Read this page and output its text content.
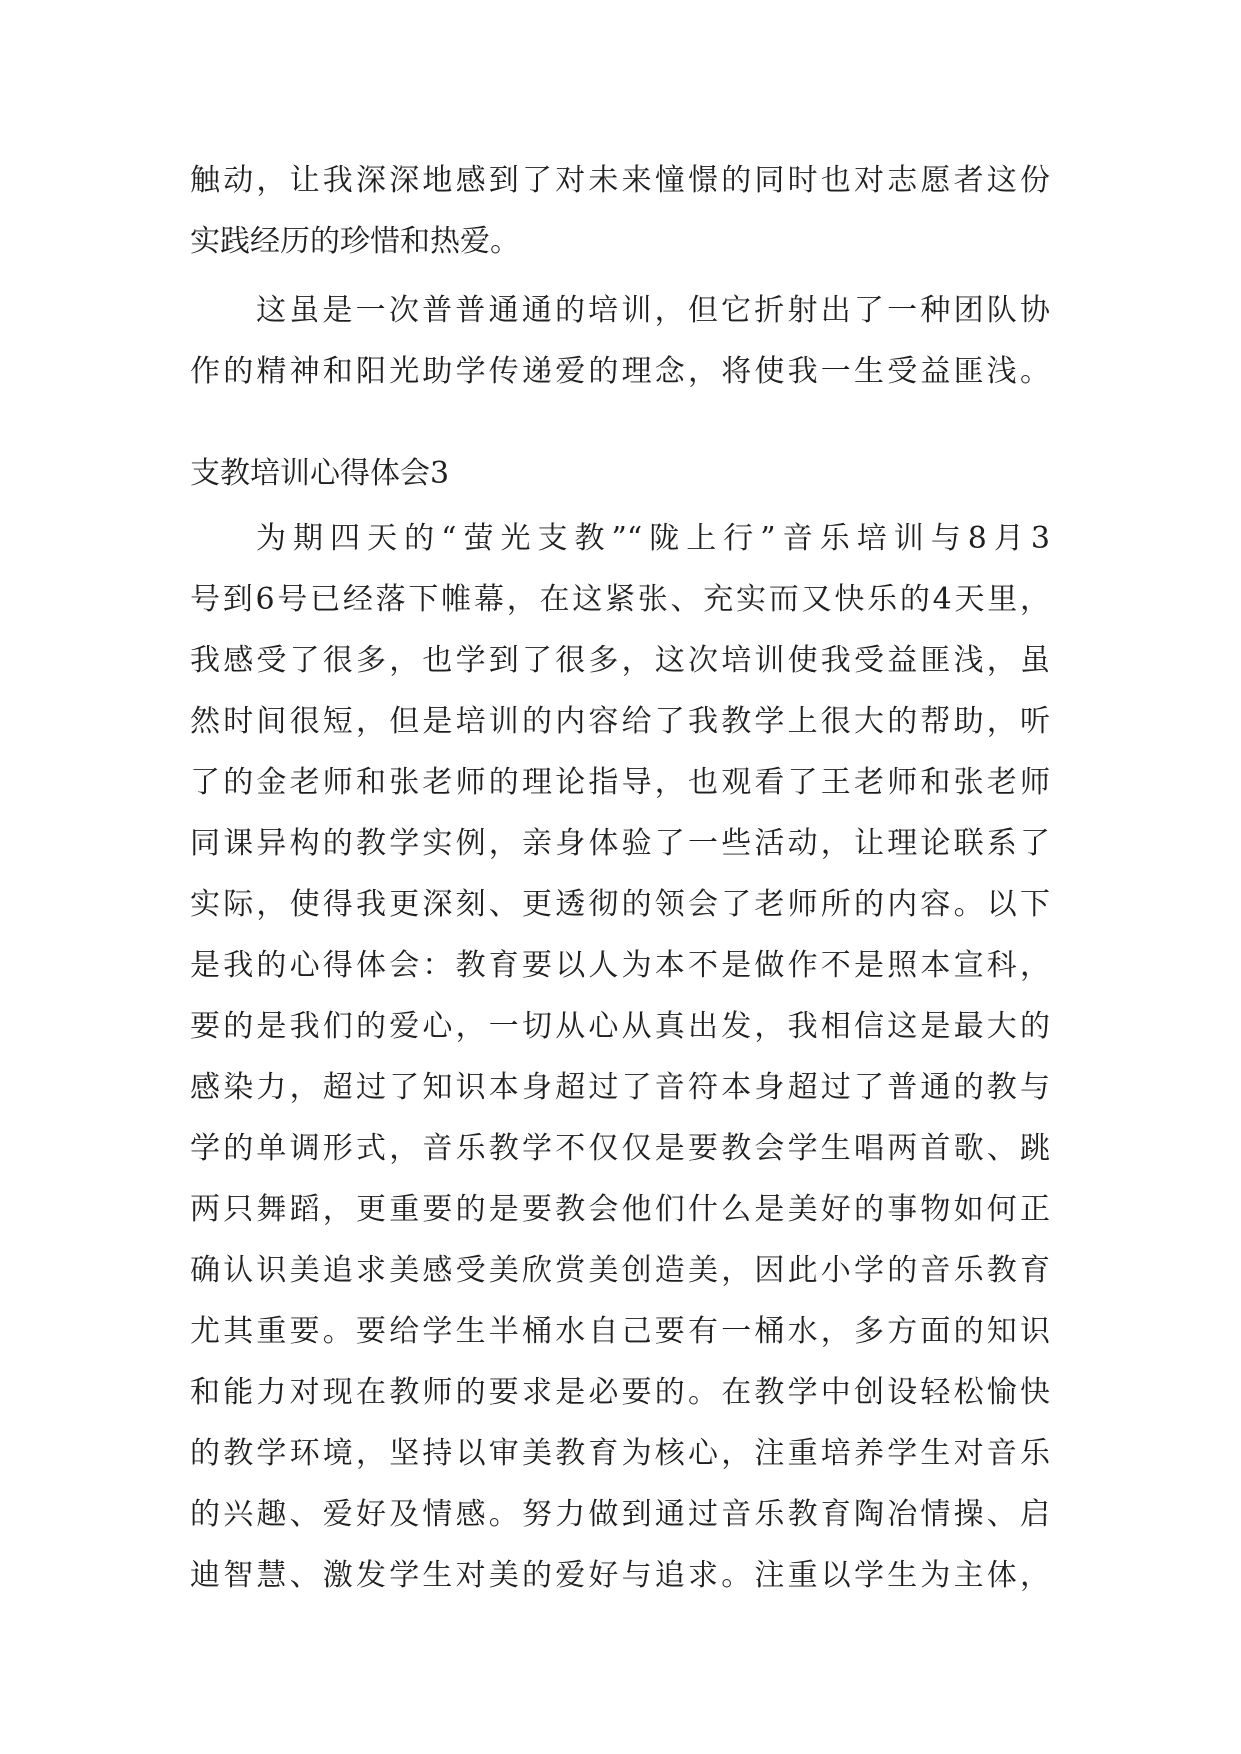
触动，让我深深地感到了对未来憧憬的同时也对志愿者这份
实践经历的珍惜和热爱。
这虽是一次普普通通的培训，但它折射出了一种团队协
作的精神和阳光助学传递爱的理念，将使我一生受益匪浅。
支教培训心得体会3
为期四天的“萤光支教”“陇上行”音乐培训与8月3
号到6号已经落下帷幕，在这紧张、充实而又快乐的4天里，
我感受了很多，也学到了很多，这次培训使我受益匪浅，虽
然时间很短，但是培训的内容给了我教学上很大的帮助，听
了的金老师和张老师的理论指导，也观看了王老师和张老师
同课异构的教学实例，亲身体验了一些活动，让理论联系了
实际，使得我更深刻、更透彻的领会了老师所的内容。以下
是我的心得体会：教育要以人为本不是做作不是照本宣科，
要的是我们的爱心，一切从心从真出发，我相信这是最大的
感染力，超过了知识本身超过了音符本身超过了普通的教与
学的单调形式，音乐教学不仅仅是要教会学生唱两首歌、跳
两只舞蹈，更重要的是要教会他们什么是美好的事物如何正
确认识美追求美感受美欣赏美创造美，因此小学的音乐教育
尤其重要。要给学生半桶水自己要有一桶水，多方面的知识
和能力对现在教师的要求是必要的。在教学中创设轻松愉快
的教学环境，坚持以审美教育为核心，注重培养学生对音乐
的兴趣、爱好及情感。努力做到通过音乐教育陶冶情操、启
迪智慧、激发学生对美的爱好与追求。注重以学生为主体，
